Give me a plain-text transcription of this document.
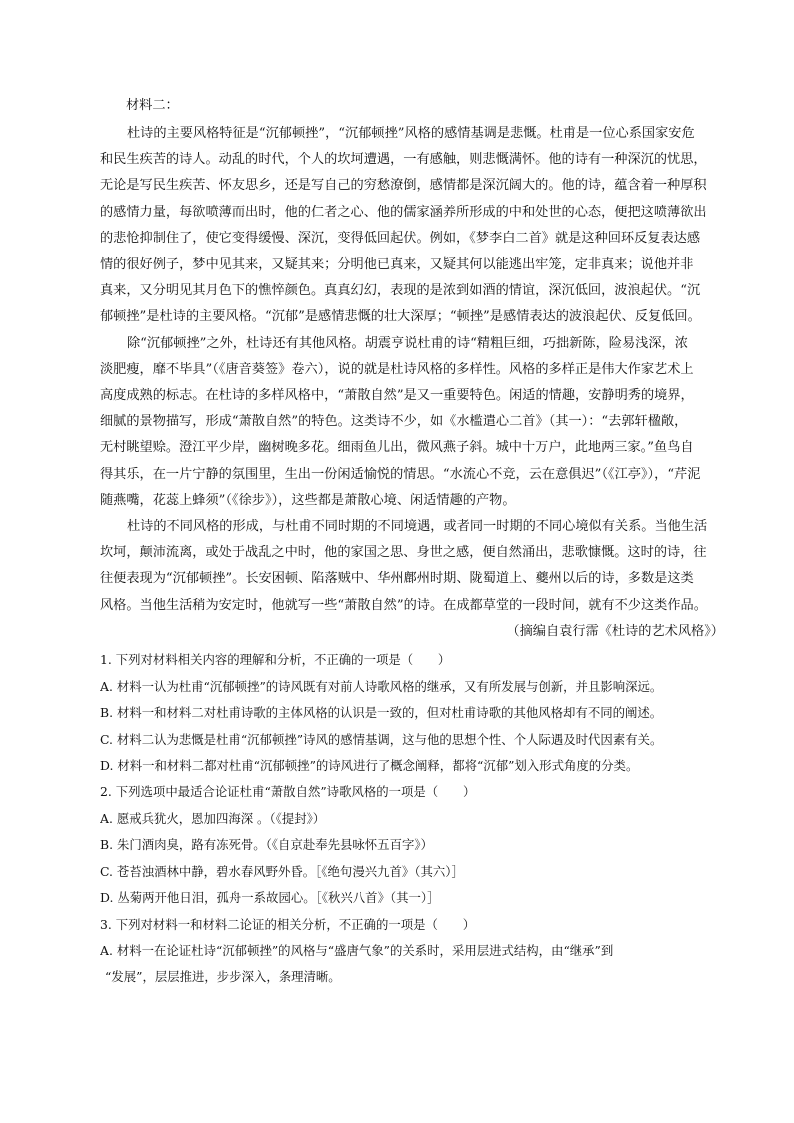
材料二：

杜诗的主要风格特征是“沉郁顿挫”，“沉郁顿挫”风格的感情基调是悲慨。杜甫是一位心系国家安危

和民生疾苦的诗人。动乱的时代，个人的坎坷遭遇，一有感触，则悲慨满怀。他的诗有一种深沉的忧思，

无论是写民生疾苦、怀友思乡，还是写自己的穷愁潦倒，感情都是深沉阔大的。他的诗，蕴含着一种厚积

的感情力量，每欲喷薄而出时，他的仁者之心、他的儒家涵养所形成的中和处世的心态，便把这喷薄欲出

的悲怆抑制住了，使它变得缓慢、深沉，变得低回起伏。例如，《梦李白二首》就是这种回环反复表达感

情的很好例子，梦中见其来，又疑其来；分明他已真来，又疑其何以能逃出牢笼，定非真来；说他并非

真来，又分明见其月色下的憔悴颜色。真真幻幻，表现的是浓到如酒的情谊，深沉低回，波浪起伏。“沉

郁顿挫”是杜诗的主要风格。“沉郁”是感情悲慨的壮大深厚；“顿挫”是感情表达的波浪起伏、反复低回。

除“沉郁顿挫”之外，杜诗还有其他风格。胡震亨说杜甫的诗“精粗巨细，巧拙新陈，险易浅深，浓

淡肥瘦，靡不毕具”（《唐音葵签》卷六），说的就是杜诗风格的多样性。风格的多样正是伟大作家艺术上

高度成熟的标志。在杜诗的多样风格中，“萧散自然”是又一重要特色。闲适的情趣，安静明秀的境界，

细腻的景物描写，形成“萧散自然”的特色。这类诗不少，如《水槛遣心二首》（其一）：“去郭轩楹敞，

无村眺望赊。澄江平少岸，幽树晚多花。细雨鱼儿出，微风燕子斜。城中十万户，此地两三家。”鱼鸟自

得其乐，在一片宁静的氛围里，生出一份闲适愉悦的情思。“水流心不竞，云在意俱迟”（《江亭》），“芹泥

随燕嘴，花蕊上蜂须”（《徐步》），这些都是萧散心境、闲适情趣的产物。

杜诗的不同风格的形成，与杜甫不同时期的不同境遇，或者同一时期的不同心境似有关系。当他生活

坎坷，颠沛流离，或处于战乱之中时，他的家国之思、身世之感，便自然涌出，悲歌慷慨。这时的诗，往

往便表现为“沉郁顿挫”。长安困顿、陷落贼中、华州鄜州时期、陇蜀道上、夔州以后的诗，多数是这类

风格。当他生活稍为安定时，他就写一些“萧散自然”的诗。在成都草堂的一段时间，就有不少这类作品。

（摘编自袁行霈《杜诗的艺术风格》）

1. 下列对材料相关内容的理解和分析，不正确的一项是（　　）

A. 材料一认为杜甫“沉郁顿挫”的诗风既有对前人诗歌风格的继承，又有所发展与创新，并且影响深远。

B. 材料一和材料二对杜甫诗歌的主体风格的认识是一致的，但对杜甫诗歌的其他风格却有不同的阐述。

C. 材料二认为悲慨是杜甫“沉郁顿挫”诗风的感情基调，这与他的思想个性、个人际遇及时代因素有关。

D. 材料一和材料二都对杜甫“沉郁顿挫”的诗风进行了概念阐释，都将“沉郁”划入形式角度的分类。

2. 下列选项中最适合论证杜甫“萧散自然”诗歌风格的一项是（　　）

A. 愿戒兵犹火，恩加四海深 。（《提封》）

B. 朱门酒肉臭，路有冻死骨。（《自京赴奉先县咏怀五百字》）

C. 苍苔浊酒林中静，碧水春风野外昏。［《绝句漫兴九首》（其六）］

D. 丛菊两开他日泪，孤舟一系故园心。［《秋兴八首》（其一）］

3. 下列对材料一和材料二论证的相关分析，不正确的一项是（　　）

A. 材料一在论证杜诗“沉郁顿挫”的风格与“盛唐气象”的关系时，采用层进式结构，由“继承”到

“发展”，层层推进，步步深入，条理清晰。
